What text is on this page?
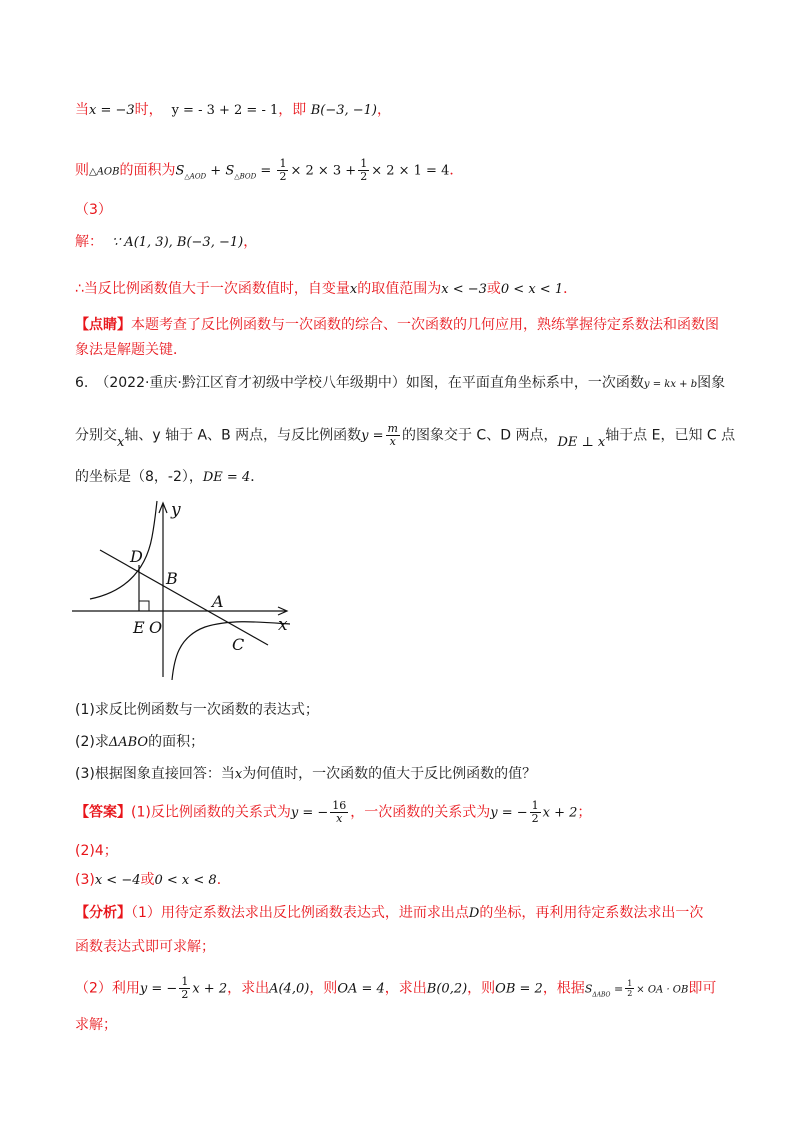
当x = −3时， y = - 3 + 2 = - 1，即 B(−3, −1)，
则△AOB的面积为$S_{\triangle AOD} + S_{\triangle BOD} = \frac{1}{2} \times 2 \times 3 + \frac{1}{2} \times 2 \times 1 = 4$．
（3）
解： ∵ A(1, 3), B(−3, −1)，
∴当反比例函数值大于一次函数值时，自变量x的取值范围为x < −3或0 < x < 1．
【点睛】本题考查了反比例函数与一次函数的综合、一次函数的几何应用，熟练掌握待定系数法和函数图
象法是解题关键．
6.　（2022·重庆·黔江区育才初级中学校八年级期中）如图，在平面直角坐标系中，一次函数y = kx + b图象
分别交x轴、y 轴于 A、B 两点，与反比例函数$y = \frac{m}{x}$ 的图象交于 C、D 两点，DE ⊥ x轴于点 E，已知 C 点
的坐标是（8，-2），DE = 4．
y
x
D
B
A
E O
C
(1)求反比例函数与一次函数的表达式；
(2)求ΔABO的面积；
(3)根据图象直接回答：当x为何值时，一次函数的值大于反比例函数的值？
【答案】(1)反比例函数的关系式为y = − $\frac{16}{x}$ ，一次函数的关系式为y = − $\frac{1}{2}$ x + 2；
(2)4；
(3)x < −4或0 < x < 8．
【分析】（1）用待定系数法求出反比例函数表达式，进而求出点D的坐标，再利用待定系数法求出一次
函数表达式即可求解；
（2）利用y = − $\frac{1}{2}$ x + 2，求出A(4,0)，则OA = 4，求出B(0,2)，则OB = 2，根据$S_{\Delta ABO} = \frac{1}{2}$ × OA · OB即可
求解；
